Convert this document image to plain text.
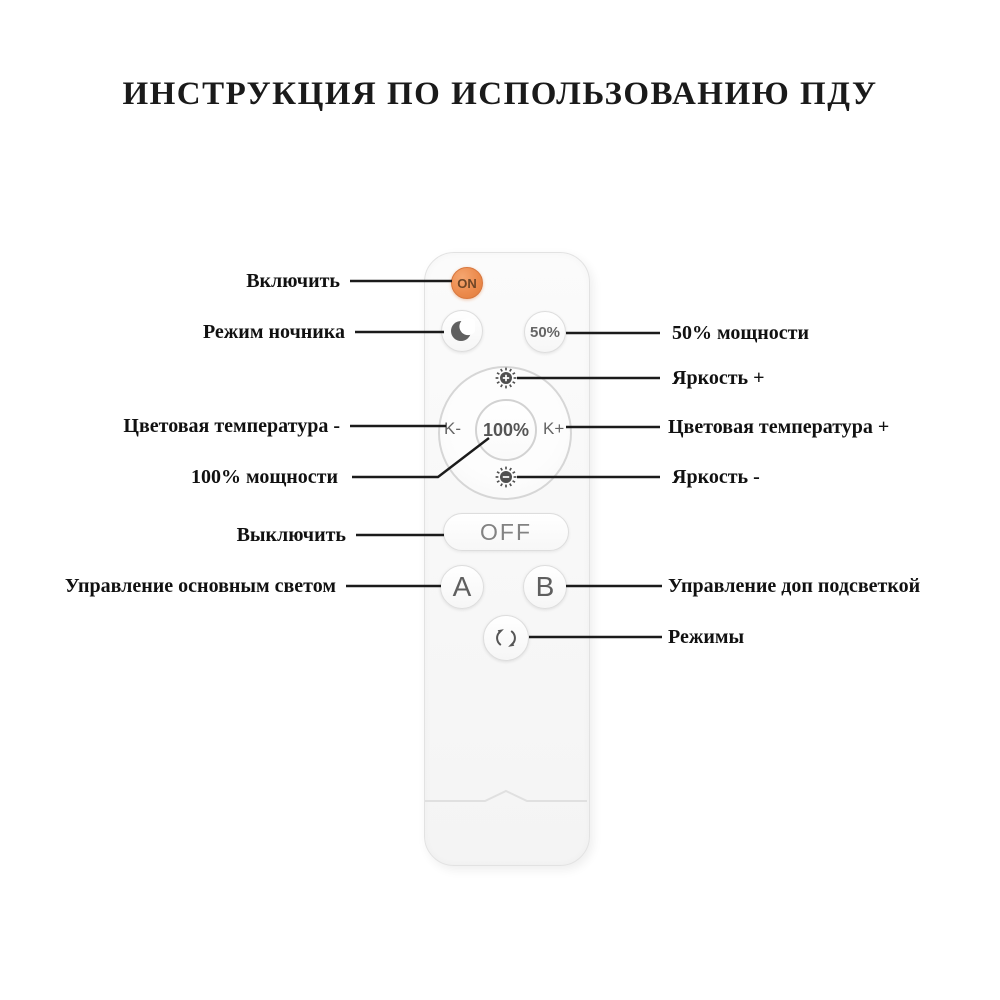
ИНСТРУКЦИЯ ПО ИСПОЛЬЗОВАНИЮ ПДУ
ON
50%
100%
K-	K+
OFF
A	B
Включить
Режим ночника
Цветовая температура -
100% мощности
Выключить
Управление основным светом
50% мощности
Яркость +
Цветовая температура +
Яркость -
Управление доп подсветкой
Режимы
